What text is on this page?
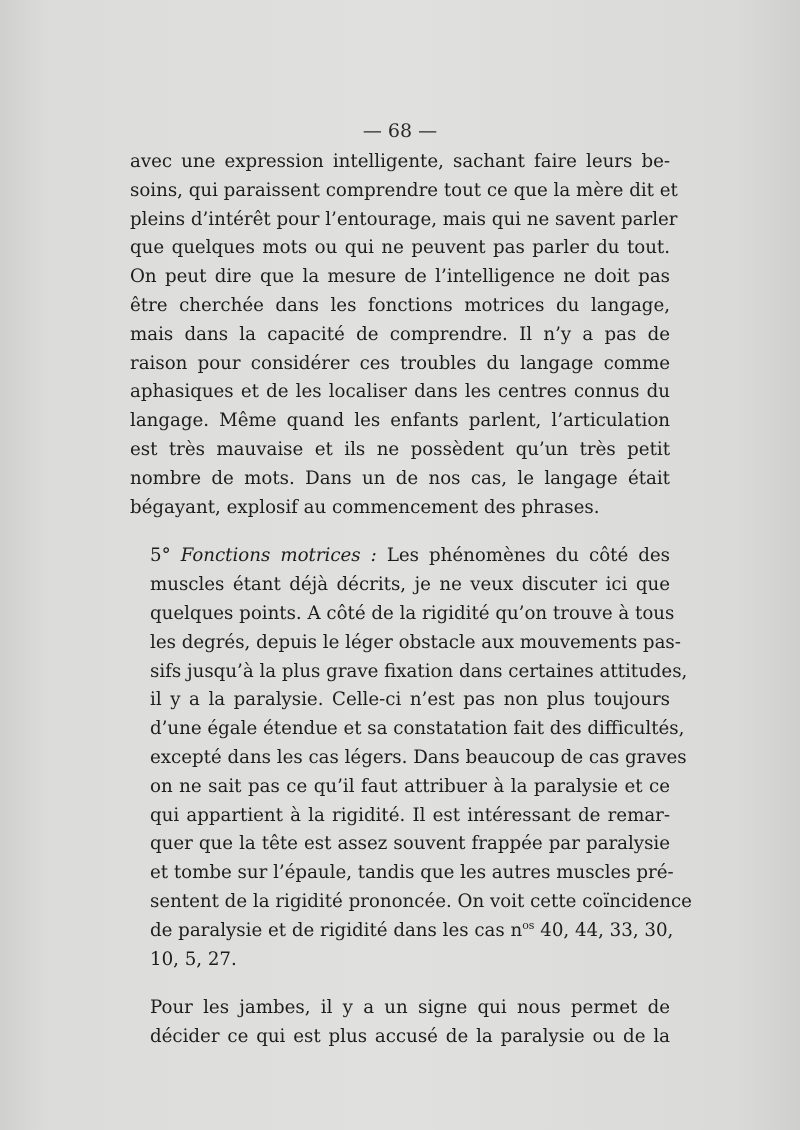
— 68 —

avec une expression intelligente, sachant faire leurs be-
soins, qui paraissent comprendre tout ce que la mère dit et
pleins d’intérêt pour l’entourage, mais qui ne savent parler
que quelques mots ou qui ne peuvent pas parler du tout.
On peut dire que la mesure de l’intelligence ne doit pas
être cherchée dans les fonctions motrices du langage,
mais dans la capacité de comprendre. Il n’y a pas de
raison pour considérer ces troubles du langage comme
aphasiques et de les localiser dans les centres connus du
langage. Même quand les enfants parlent, l’articulation
est très mauvaise et ils ne possèdent qu’un très petit
nombre de mots. Dans un de nos cas, le langage était
bégayant, explosif au commencement des phrases.

5° Fonctions motrices : Les phénomènes du côté des
muscles étant déjà décrits, je ne veux discuter ici que
quelques points. A côté de la rigidité qu’on trouve à tous
les degrés, depuis le léger obstacle aux mouvements pas-
sifs jusqu’à la plus grave fixation dans certaines attitudes,
il y a la paralysie. Celle-ci n’est pas non plus toujours
d’une égale étendue et sa constatation fait des difficultés,
excepté dans les cas légers. Dans beaucoup de cas graves
on ne sait pas ce qu’il faut attribuer à la paralysie et ce
qui appartient à la rigidité. Il est intéressant de remar-
quer que la tête est assez souvent frappée par paralysie
et tombe sur l’épaule, tandis que les autres muscles pré-
sentent de la rigidité prononcée. On voit cette coïncidence
de paralysie et de rigidité dans les cas $n^{os}$ 40, 44, 33, 30,
10, 5, 27.

Pour les jambes, il y a un signe qui nous permet de
décider ce qui est plus accusé de la paralysie ou de la
